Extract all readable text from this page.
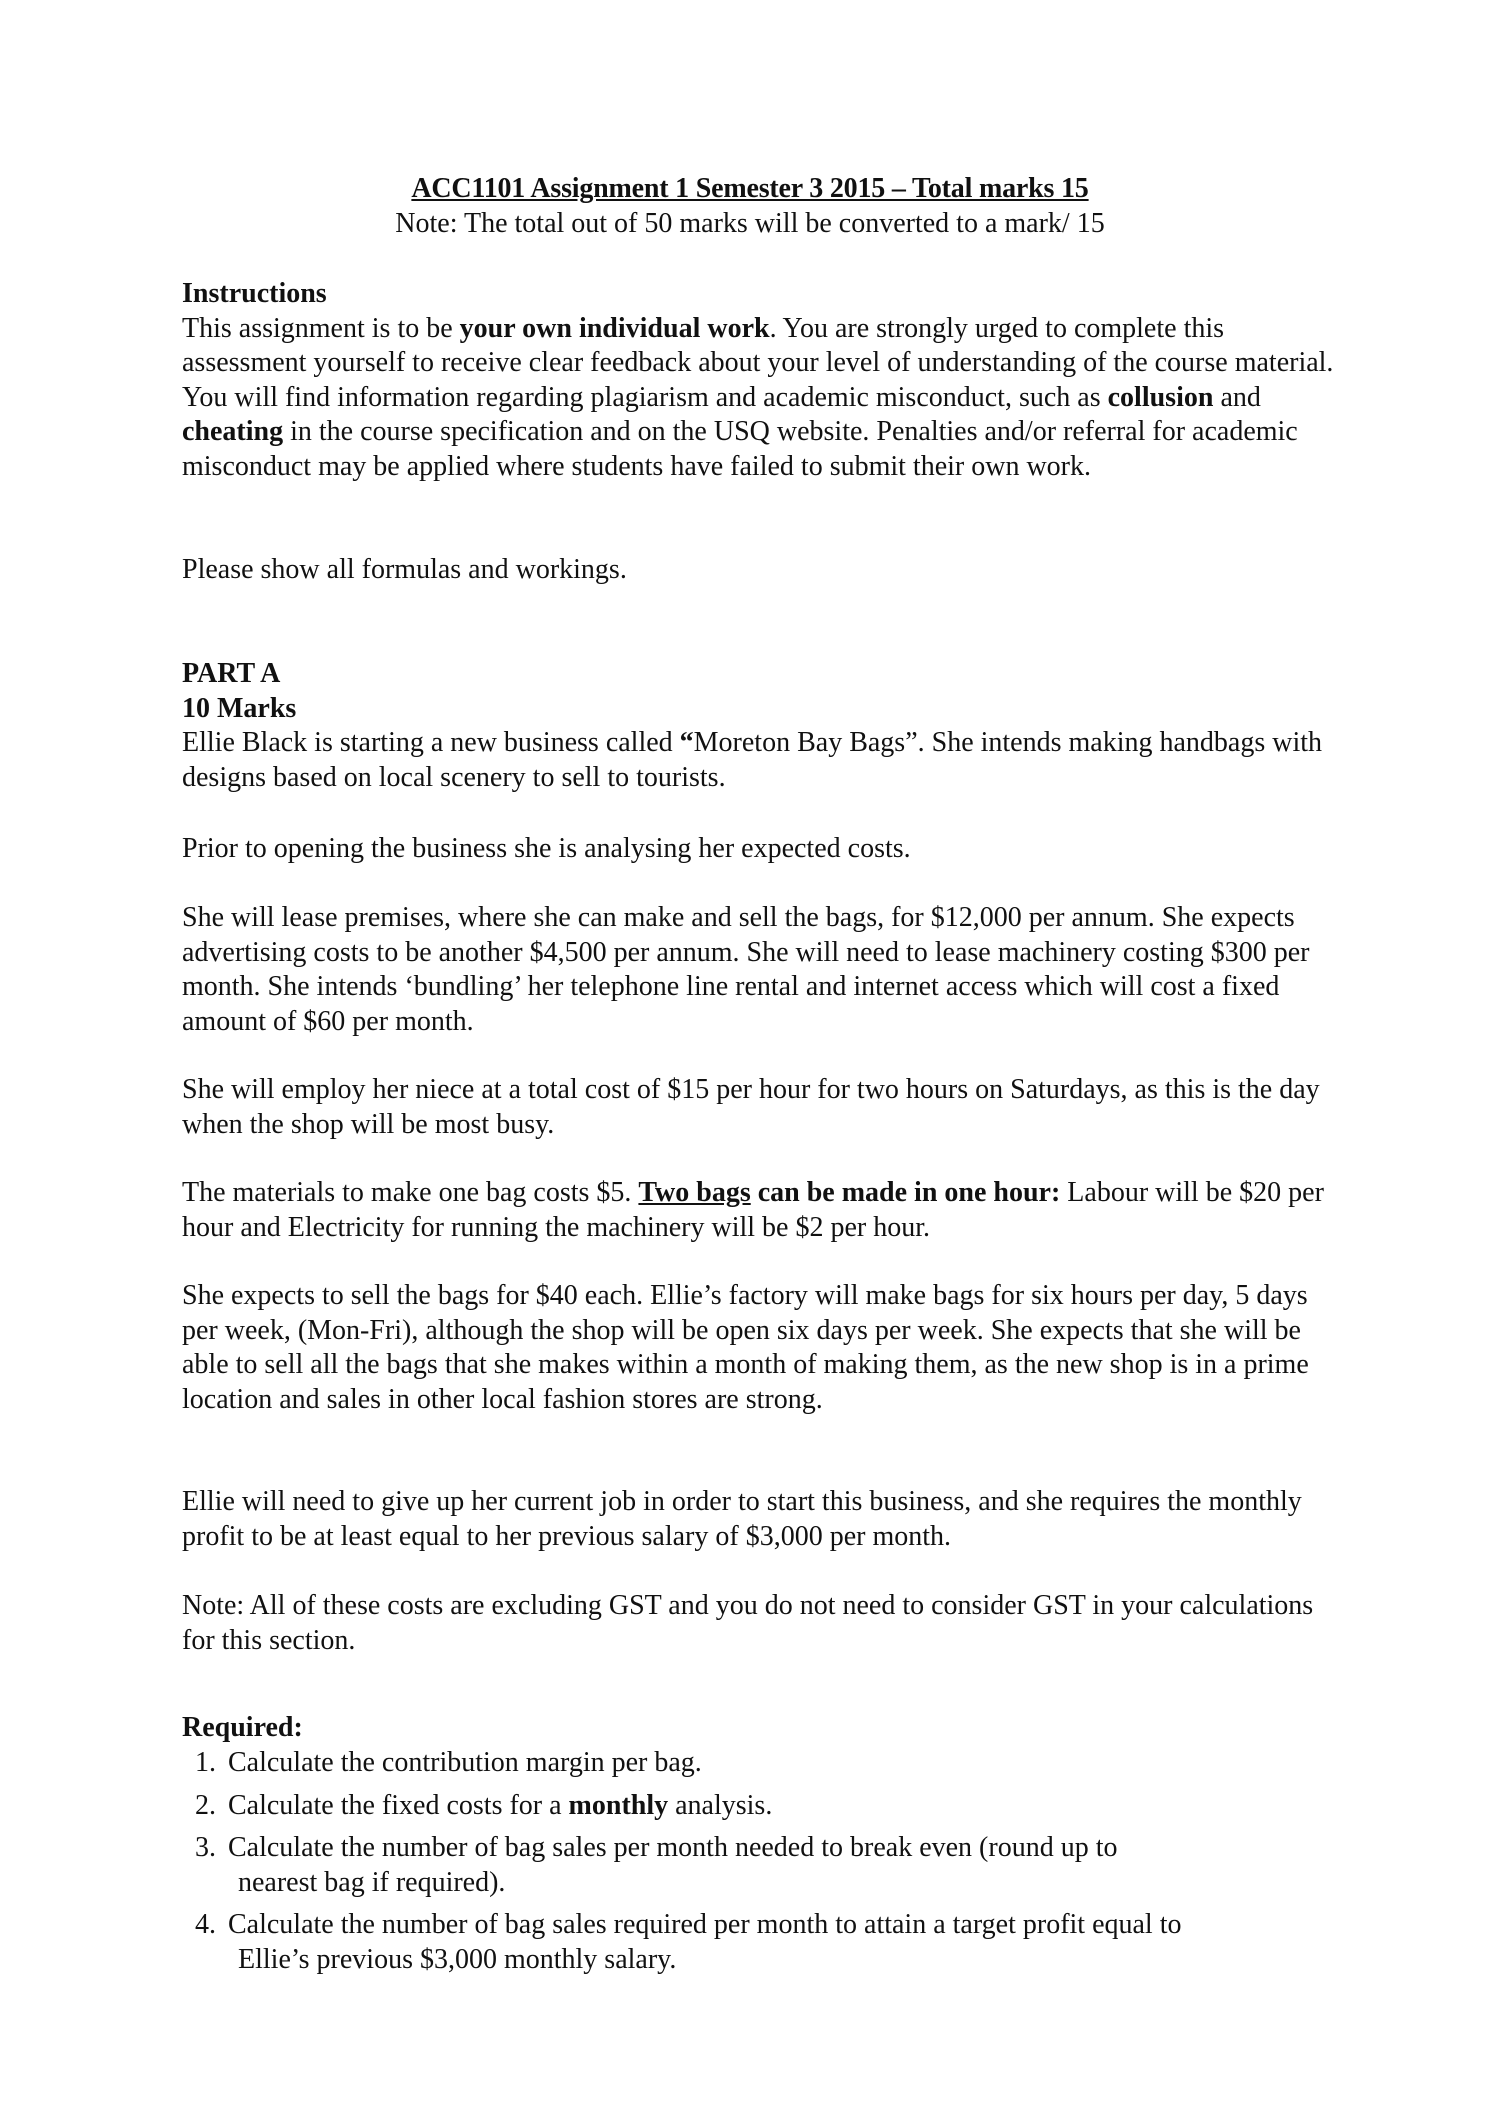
ACC1101 Assignment 1 Semester 3 2015 – Total marks 15
Note: The total out of 50 marks will be converted to a mark/ 15
Instructions

This assignment is to be your own individual work. You are strongly urged to complete this assessment yourself to receive clear feedback about your level of understanding of the course material. You will find information regarding plagiarism and academic misconduct, such as collusion and cheating in the course specification and on the USQ website. Penalties and/or referral for academic misconduct may be applied where students have failed to submit their own work.

Please show all formulas and workings.

PART A
10 Marks

Ellie Black is starting a new business called “Moreton Bay Bags”. She intends making handbags with designs based on local scenery to sell to tourists.

Prior to opening the business she is analysing her expected costs.

She will lease premises, where she can make and sell the bags, for $12,000 per annum. She expects advertising costs to be another $4,500 per annum. She will need to lease machinery costing $300 per month. She intends ‘bundling’ her telephone line rental and internet access which will cost a fixed amount of $60 per month.

She will employ her niece at a total cost of $15 per hour for two hours on Saturdays, as this is the day when the shop will be most busy.

The materials to make one bag costs $5. Two bags can be made in one hour: Labour will be $20 per hour and Electricity for running the machinery will be $2 per hour.

She expects to sell the bags for $40 each. Ellie’s factory will make bags for six hours per day, 5 days per week, (Mon-Fri), although the shop will be open six days per week. She expects that she will be able to sell all the bags that she makes within a month of making them, as the new shop is in a prime location and sales in other local fashion stores are strong.

Ellie will need to give up her current job in order to start this business, and she requires the monthly profit to be at least equal to her previous salary of $3,000 per month.

Note: All of these costs are excluding GST and you do not need to consider GST in your calculations for this section.

Required:
1. Calculate the contribution margin per bag.
2. Calculate the fixed costs for a monthly analysis.
3. Calculate the number of bag sales per month needed to break even (round up to
nearest bag if required).
4. Calculate the number of bag sales required per month to attain a target profit equal to
Ellie’s previous $3,000 monthly salary.
